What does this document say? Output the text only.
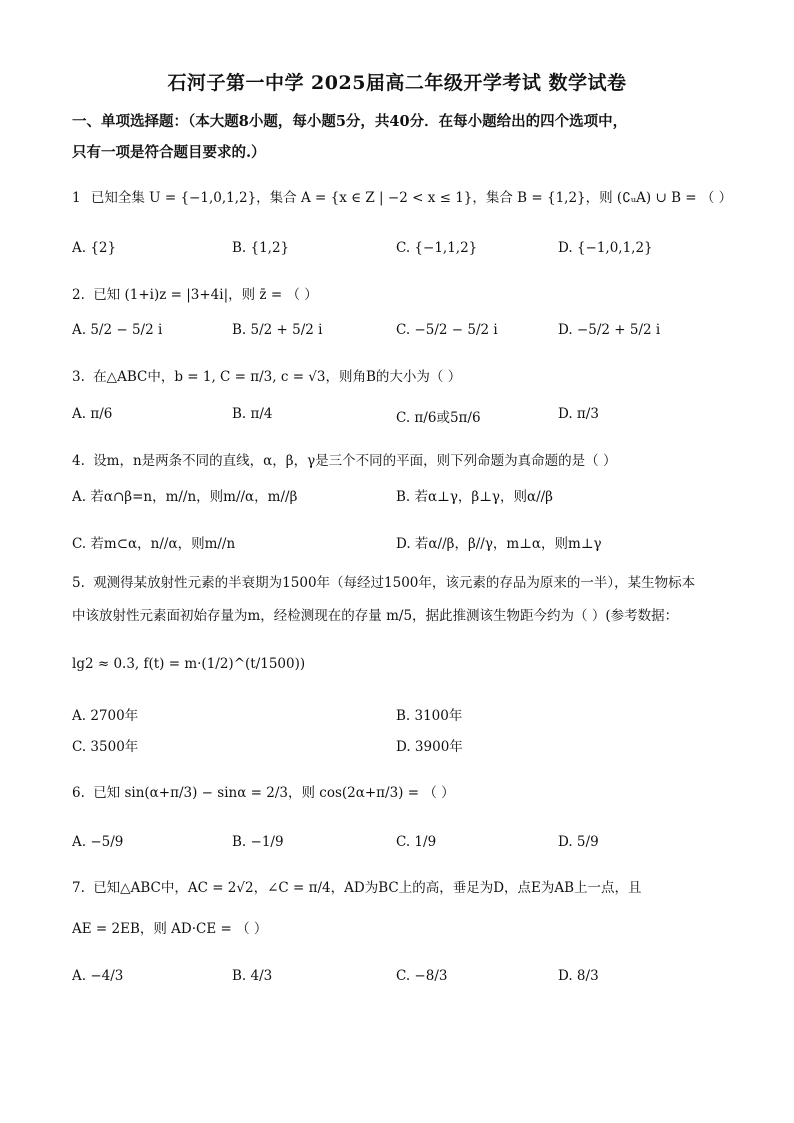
石河子第一中学 2025届高二年级开学考试 数学试卷
一、单项选择题：（本大题8小题，每小题5分，共40分．在每小题给出的四个选项中，
只有一项是符合题目要求的.）
1 已知全集 U = {−1,0,1,2}，集合 A = {x ∈ Z | −2 < x ≤ 1}，集合 B = {1,2}，则 (∁ᵤA) ∪ B = （ ）
A. {2}	B. {1,2}	C. {−1,1,2}	D. {−1,0,1,2}
2. 已知 (1+i)z = |3+4i|，则 z̄ = （ ）
A. 5/2 − 5/2 i	B. 5/2 + 5/2 i	C. −5/2 − 5/2 i	D. −5/2 + 5/2 i
3. 在△ABC中，b = 1, C = π/3, c = √3，则角B的大小为（ ）
A. π/6	B. π/4	C. π/6或5π/6	D. π/3
4. 设m，n是两条不同的直线，α，β，γ是三个不同的平面，则下列命题为真命题的是（ ）
A. 若α∩β=n，m//n，则m//α，m//β	B. 若α⊥γ，β⊥γ，则α//β
C. 若m⊂α，n//α，则m//n	D. 若α//β，β//γ，m⊥α，则m⊥γ
5. 观测得某放射性元素的半衰期为1500年（每经过1500年，该元素的存品为原来的一半），某生物标本
中该放射性元素面初始存量为m，经检测现在的存量 m/5，据此推测该生物距今约为（ ）(参考数据：
lg2 ≈ 0.3, f(t) = m·(1/2)^(t/1500))
A. 2700年	B. 3100年
C. 3500年	D. 3900年
6. 已知 sin(α+π/3) − sinα = 2/3，则 cos(2α+π/3) = （ ）
A. −5/9	B. −1/9	C. 1/9	D. 5/9
7. 已知△ABC中，AC = 2√2，∠C = π/4，AD为BC上的高，垂足为D，点E为AB上一点，且
AE = 2EB，则 AD·CE = （ ）
A. −4/3	B. 4/3	C. −8/3	D. 8/3
